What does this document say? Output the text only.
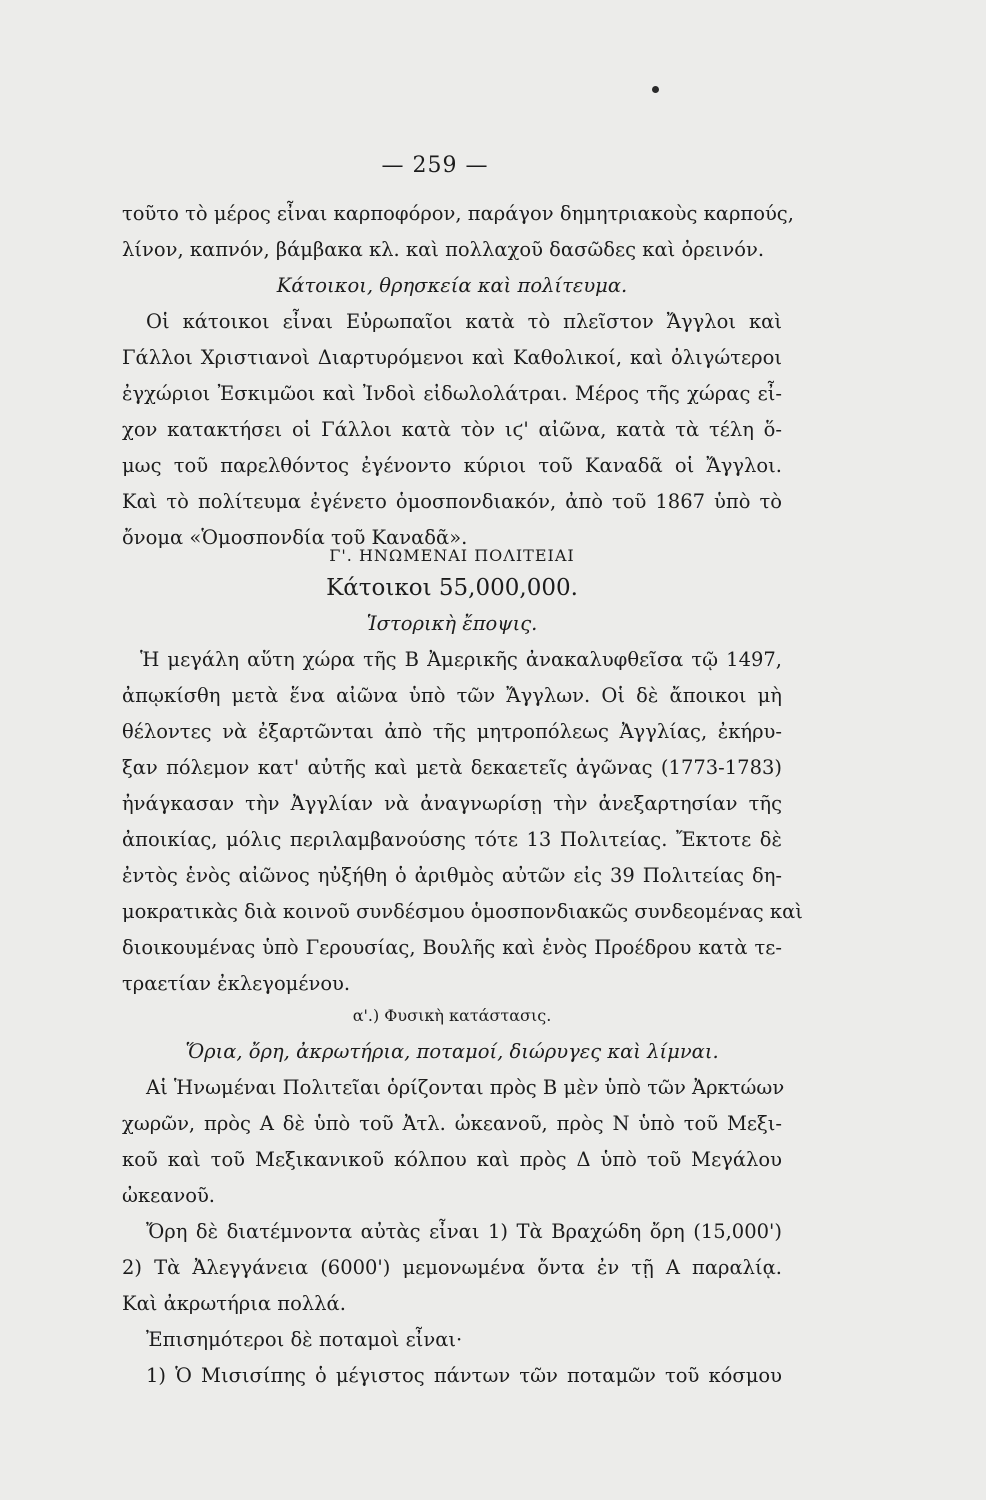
— 259 —
τοῦτο τὸ μέρος εἶναι καρποφόρον, παράγον δημητριακοὺς καρπούς,
λίνον, καπνόν, βάμβακα κλ. καὶ πολλαχοῦ δασῶδες καὶ ὀρεινόν.
Κάτοικοι, θρησκεία καὶ πολίτευμα.
Οἱ κάτοικοι εἶναι Εὐρωπαῖοι κατὰ τὸ πλεῖστον Ἄγγλοι καὶ
Γάλλοι Χριστιανοὶ Διαρτυρόμενοι καὶ Καθολικοί, καὶ ὀλιγώτεροι
ἐγχώριοι Ἐσκιμῶοι καὶ Ἰνδοὶ εἰδωλολάτραι. Μέρος τῆς χώρας εἶ-
χον κατακτήσει οἱ Γάλλοι κατὰ τὸν ιϛ' αἰῶνα, κατὰ τὰ τέλη ὅ-
μως τοῦ παρελθόντος ἐγένοντο κύριοι τοῦ Καναδᾶ οἱ Ἄγγλοι.
Καὶ τὸ πολίτευμα ἐγένετο ὁμοσπονδιακόν, ἀπὸ τοῦ 1867 ὑπὸ τὸ
ὄνομα «Ὁμοσπονδία τοῦ Καναδᾶ».
Γ'. ΗΝΩΜΕΝΑΙ ΠΟΛΙΤΕΙΑΙ
Κάτοικοι 55,000,000.
Ἱστορικὴ ἔποψις.
Ἡ μεγάλη αὕτη χώρα τῆς Β Ἀμερικῆς ἀνακαλυφθεῖσα τῷ 1497,
ἀπῳκίσθη μετὰ ἕνα αἰῶνα ὑπὸ τῶν Ἄγγλων. Οἱ δὲ ἄποικοι μὴ
θέλοντες νὰ ἐξαρτῶνται ἀπὸ τῆς μητροπόλεως Ἀγγλίας, ἐκήρυ-
ξαν πόλεμον κατ' αὐτῆς καὶ μετὰ δεκαετεῖς ἀγῶνας (1773-1783)
ἠνάγκασαν τὴν Ἀγγλίαν νὰ ἀναγνωρίσῃ τὴν ἀνεξαρτησίαν τῆς
ἀποικίας, μόλις περιλαμβανούσης τότε 13 Πολιτείας. Ἔκτοτε δὲ
ἐντὸς ἑνὸς αἰῶνος ηὐξήθη ὁ ἀριθμὸς αὐτῶν εἰς 39 Πολιτείας δη-
μοκρατικὰς διὰ κοινοῦ συνδέσμου ὁμοσπονδιακῶς συνδεομένας καὶ
διοικουμένας ὑπὸ Γερουσίας, Βουλῆς καὶ ἑνὸς Προέδρου κατὰ τε-
τραετίαν ἐκλεγομένου.
α'.) Φυσικὴ κατάστασις.
Ὅρια, ὄρη, ἀκρωτήρια, ποταμοί, διώρυγες καὶ λίμναι.
Αἱ Ἡνωμέναι Πολιτεῖαι ὁρίζονται πρὸς Β μὲν ὑπὸ τῶν Ἀρκτώων
χωρῶν, πρὸς Α δὲ ὑπὸ τοῦ Ἀτλ. ὠκεανοῦ, πρὸς Ν ὑπὸ τοῦ Μεξι-
κοῦ καὶ τοῦ Μεξικανικοῦ κόλπου καὶ πρὸς Δ ὑπὸ τοῦ Μεγάλου
ὠκεανοῦ.
Ὄρη δὲ διατέμνοντα αὐτὰς εἶναι 1) Τὰ Βραχώδη ὄρη (15,000')
2) Τὰ Ἀλεγγάνεια (6000') μεμονωμένα ὄντα ἐν τῇ Α παραλίᾳ.
Καὶ ἀκρωτήρια πολλά.
Ἐπισημότεροι δὲ ποταμοὶ εἶναι·
1) Ὁ Μισισίπης ὁ μέγιστος πάντων τῶν ποταμῶν τοῦ κόσμου
